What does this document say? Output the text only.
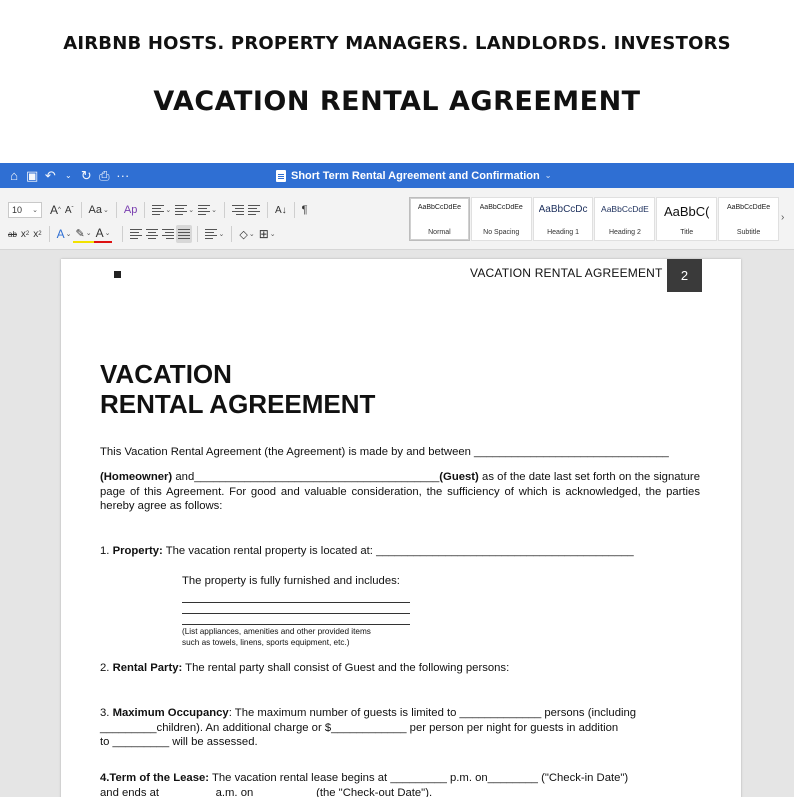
AIRBNB HOSTS. PROPERTY MANAGERS. LANDLORDS. INVESTORS
VACATION RENTAL AGREEMENT
⌂ ▣ ↶	⌄ ↻ ⎙ ···	Short Term Rental Agreement and Confirmation ⌄
10 ⌄ A ^ A ˇ Aa ⌄ Ap	⌄ ⌄ ⌄	A↓ ¶
ab x 2 x 2 A ⌄ ✎ ⌄ A ⌄	⌄ ◇ ⌄ ⊞ ⌄
AaBbCcDdEe
Normal
AaBbCcDdEe
No Spacing
AaBbCcDc
Heading 1
AaBbCcDdE
Heading 2
AaBbC(
Title
AaBbCcDdEe
Subtitle
›
VACATION RENTAL AGREEMENT	2
VACATION
RENTAL AGREEMENT
This Vacation Rental Agreement (the Agreement) is made by and between _______________________________
(Homeowner) and_______________________________________(Guest) as of the date last set forth on the signature page of this Agreement. For good and valuable consideration, the sufficiency of which is acknowledged, the parties hereby agree as follows:
1. Property: The vacation rental property is located at: _________________________________________
The property is fully furnished and includes:
(List appliances, amenities and other provided items
such as towels, linens, sports equipment, etc.)
2. Rental Party: The rental party shall consist of Guest and the following persons:
3. Maximum Occupancy: The maximum number of guests is limited to _____________ persons (including
_________children). An additional charge or $____________ per person per night for guests in addition
to _________ will be assessed.
4.Term of the Lease: The vacation rental lease begins at _________ p.m. on________ ("Check-in Date")
and ends at ________ a.m. on _________ (the "Check-out Date").
